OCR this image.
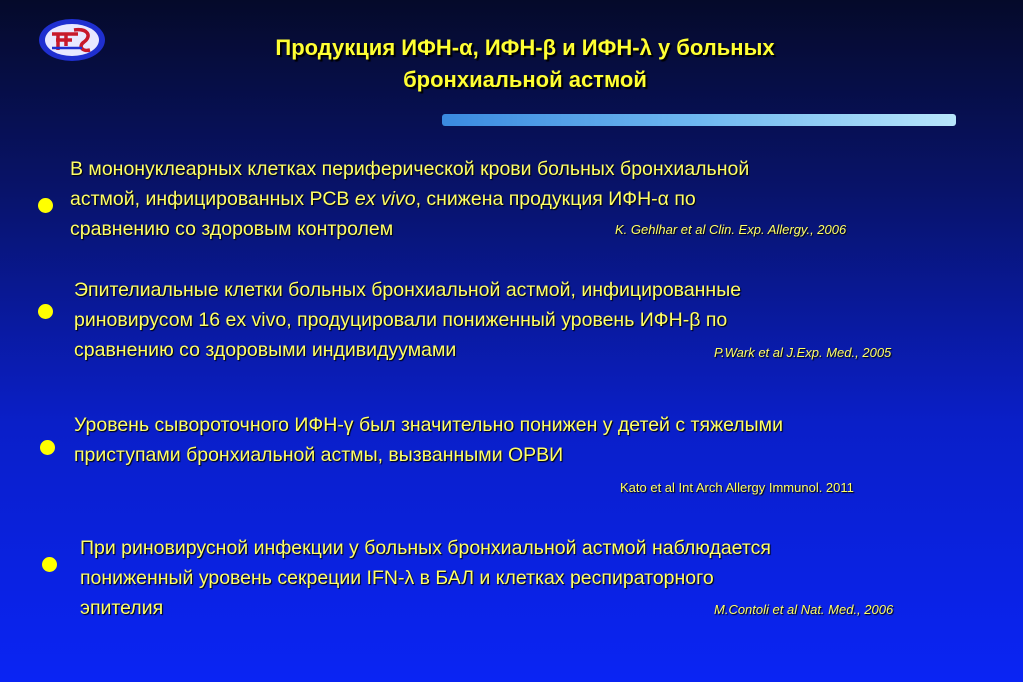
Продукция ИФН-α, ИФН-β и ИФН-λ у больных
бронхиальной астмой
В мононуклеарных клетках периферической крови больных бронхиальной
астмой, инфицированных РСВ ex vivo, снижена продукция ИФН-α по
сравнению со здоровым контролем	K. Gehlhar et al Clin. Exp. Allergy., 2006
Эпителиальные клетки больных бронхиальной астмой, инфицированные
риновирусом 16 ex vivo, продуцировали пониженный уровень ИФН-β по
сравнению со здоровыми индивидуумами	P.Wark et al J.Exp. Med., 2005
Уровень сывороточного ИФН-γ был значительно понижен у детей с тяжелыми
приступами бронхиальной астмы, вызванными ОРВИ
Kato et al Int Arch Allergy Immunol. 2011
При риновирусной инфекции у больных бронхиальной астмой наблюдается
пониженный уровень секреции IFN-λ в БАЛ и клетках респираторного
эпителия	M.Contoli et al Nat. Med., 2006
